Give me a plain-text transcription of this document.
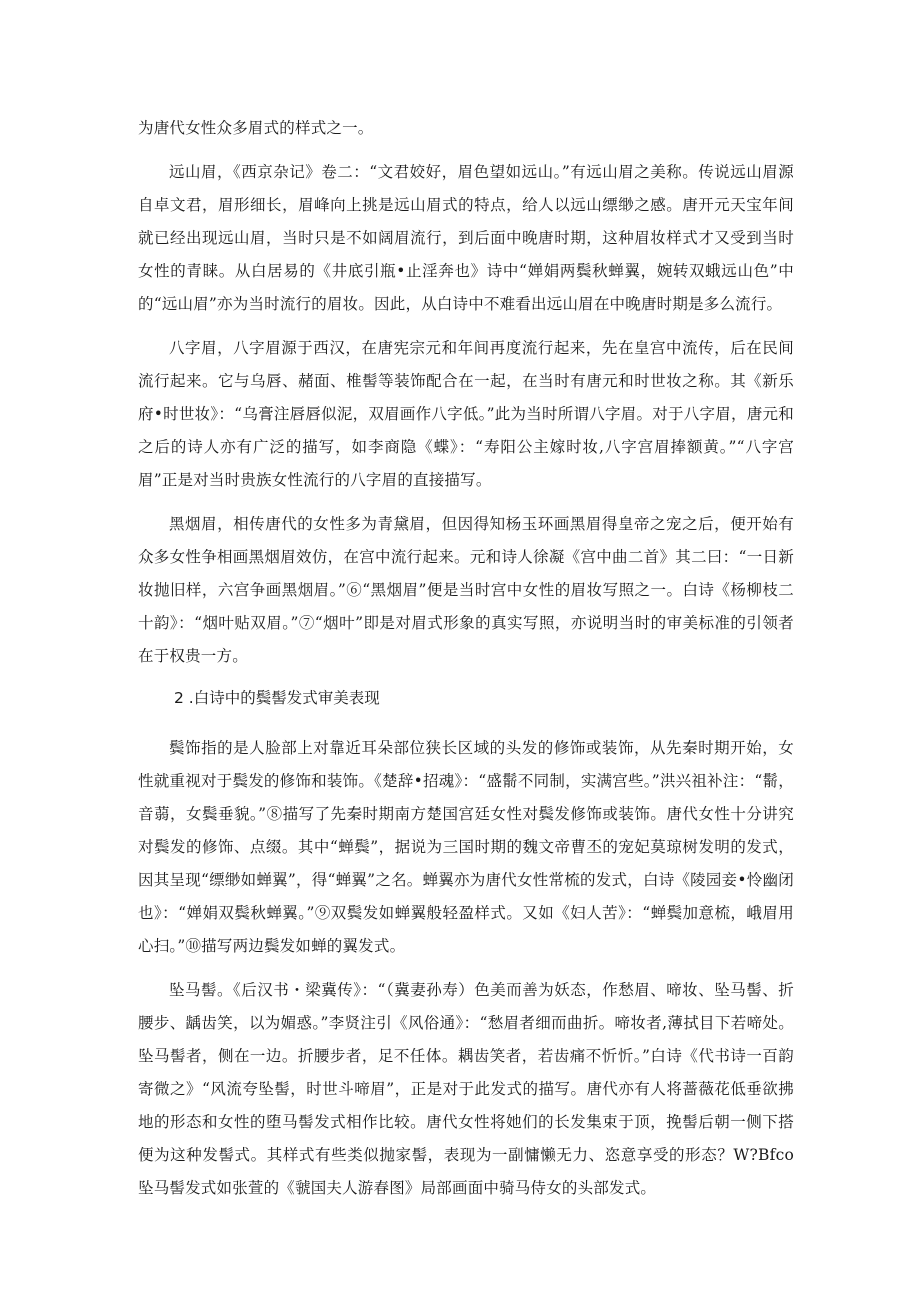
为唐代女性众多眉式的样式之一。

远山眉，《西京杂记》卷二：“文君姣好，眉色望如远山。”有远山眉之美称。传说远山眉源自卓文君，眉形细长，眉峰向上挑是远山眉式的特点，给人以远山缥缈之感。唐开元天宝年间就已经出现远山眉，当时只是不如阔眉流行，到后面中晚唐时期，这种眉妆样式才又受到当时女性的青睐。从白居易的《井底引瓶•止淫奔也》诗中“婵娟两鬓秋蝉翼，婉转双蛾远山色”中的“远山眉”亦为当时流行的眉妆。因此，从白诗中不难看出远山眉在中晚唐时期是多么流行。

八字眉，八字眉源于西汉，在唐宪宗元和年间再度流行起来，先在皇宫中流传，后在民间流行起来。它与乌唇、赭面、椎髻等装饰配合在一起，在当时有唐元和时世妆之称。其《新乐府•时世妆》：“乌膏注唇唇似泥，双眉画作八字低。”此为当时所谓八字眉。对于八字眉，唐元和之后的诗人亦有广泛的描写，如李商隐《蝶》：“寿阳公主嫁时妆,八字宫眉捧额黄。”“八字宫眉”正是对当时贵族女性流行的八字眉的直接描写。

黑烟眉，相传唐代的女性多为青黛眉，但因得知杨玉环画黑眉得皇帝之宠之后，便开始有众多女性争相画黑烟眉效仿，在宫中流行起来。元和诗人徐凝《宫中曲二首》其二曰：“一日新妆抛旧样，六宫争画黑烟眉。”⑥“黑烟眉”便是当时宫中女性的眉妆写照之一。白诗《杨柳枝二十韵》：“烟叶贴双眉。”⑦“烟叶”即是对眉式形象的真实写照，亦说明当时的审美标准的引领者在于权贵一方。

2 .白诗中的鬓髻发式审美表现

鬓饰指的是人脸部上对靠近耳朵部位狭长区域的头发的修饰或装饰，从先秦时期开始，女性就重视对于鬓发的修饰和装饰。《楚辞•招魂》：“盛鬋不同制，实满宫些。”洪兴祖补注：“鬋，音蒻，女鬓垂貌。”⑧描写了先秦时期南方楚国宫廷女性对鬓发修饰或装饰。唐代女性十分讲究对鬓发的修饰、点缀。其中“蝉鬓”，据说为三国时期的魏文帝曹丕的宠妃莫琼树发明的发式，因其呈现“缥缈如蝉翼”，得“蝉翼”之名。蝉翼亦为唐代女性常梳的发式，白诗《陵园妾•怜幽闭也》：“婵娟双鬓秋蝉翼。”⑨双鬓发如蝉翼般轻盈样式。又如《妇人苦》：“蝉鬓加意梳，峨眉用心扫。”⑩描写两边鬓发如蝉的翼发式。

坠马髻。《后汉书・梁冀传》：“（冀妻孙寿）色美而善为妖态，作愁眉、啼妆、坠马髻、折腰步、龋齿笑，以为媚惑。”李贤注引《风俗通》：“愁眉者细而曲折。啼妆者,薄拭目下若啼处。坠马髻者，侧在一边。折腰步者，足不任体。耦齿笑者，若齿痛不忻忻。”白诗《代书诗一百韵寄微之》“风流夸坠髻，时世斗啼眉”，正是对于此发式的描写。唐代亦有人将蔷薇花低垂欲拂地的形态和女性的堕马髻发式相作比较。唐代女性将她们的长发集束于顶，挽髻后朝一侧下搭便为这种发髻式。其样式有些类似抛家髻，表现为一副慵懒无力、恣意享受的形态？W?Bfco坠马髻发式如张萱的《虢国夫人游春图》局部画面中骑马侍女的头部发式。
